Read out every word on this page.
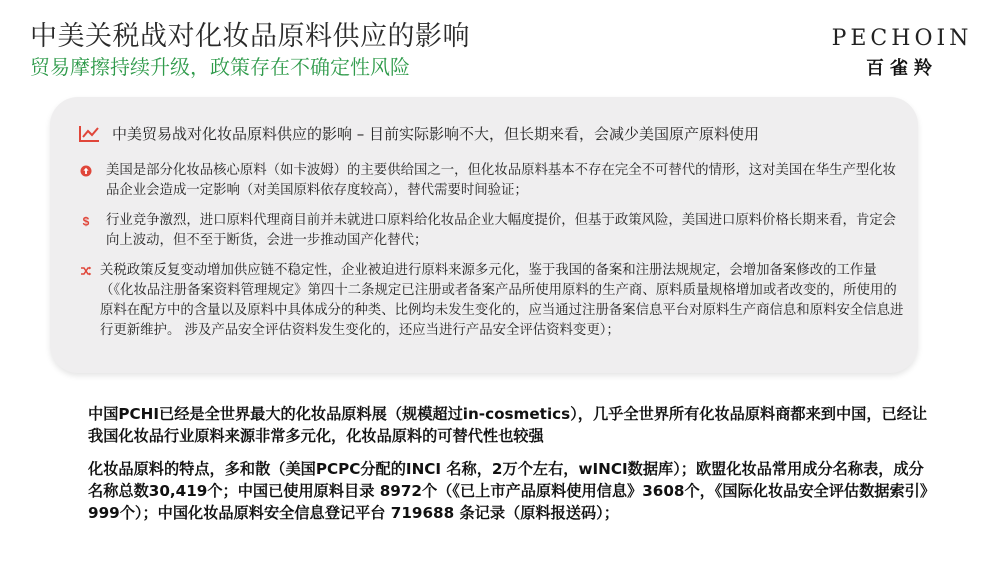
中美关税战对化妆品原料供应的影响
贸易摩擦持续升级，政策存在不确定性风险
PECHOIN
百雀羚
中美贸易战对化妆品原料供应的影响 – 目前实际影响不大，但长期来看，会减少美国原产原料使用
美国是部分化妆品核心原料（如卡波姆）的主要供给国之一，但化妆品原料基本不存在完全不可替代的情形，这对美国在华生产型化妆品企业会造成一定影响（对美国原料依存度较高），替代需要时间验证；
$ 行业竞争激烈，进口原料代理商目前并未就进口原料给化妆品企业大幅度提价，但基于政策风险，美国进口原料价格长期来看，肯定会向上波动，但不至于断货，会进一步推动国产化替代；
关税政策反复变动增加供应链不稳定性，企业被迫进行原料来源多元化，鉴于我国的备案和注册法规规定，会增加备案修改的工作量（《化妆品注册备案资料管理规定》第四十二条规定已注册或者备案产品所使用原料的生产商、原料质量规格增加或者改变的，所使用的原料在配方中的含量以及原料中具体成分的种类、比例均未发生变化的，应当通过注册备案信息平台对原料生产商信息和原料安全信息进行更新维护。 涉及产品安全评估资料发生变化的，还应当进行产品安全评估资料变更）；
中国PCHI已经是全世界最大的化妆品原料展（规模超过in-cosmetics），几乎全世界所有化妆品原料商都来到中国，已经让我国化妆品行业原料来源非常多元化，化妆品原料的可替代性也较强
化妆品原料的特点，多和散（美国PCPC分配的INCI 名称，2万个左右，wINCI数据库）；欧盟化妆品常用成分名称表，成分名称总数30,419个；中国已使用原料目录 8972个（《已上市产品原料使用信息》3608个，《国际化妆品安全评估数据索引》999个）；中国化妆品原料安全信息登记平台 719688 条记录（原料报送码）；
